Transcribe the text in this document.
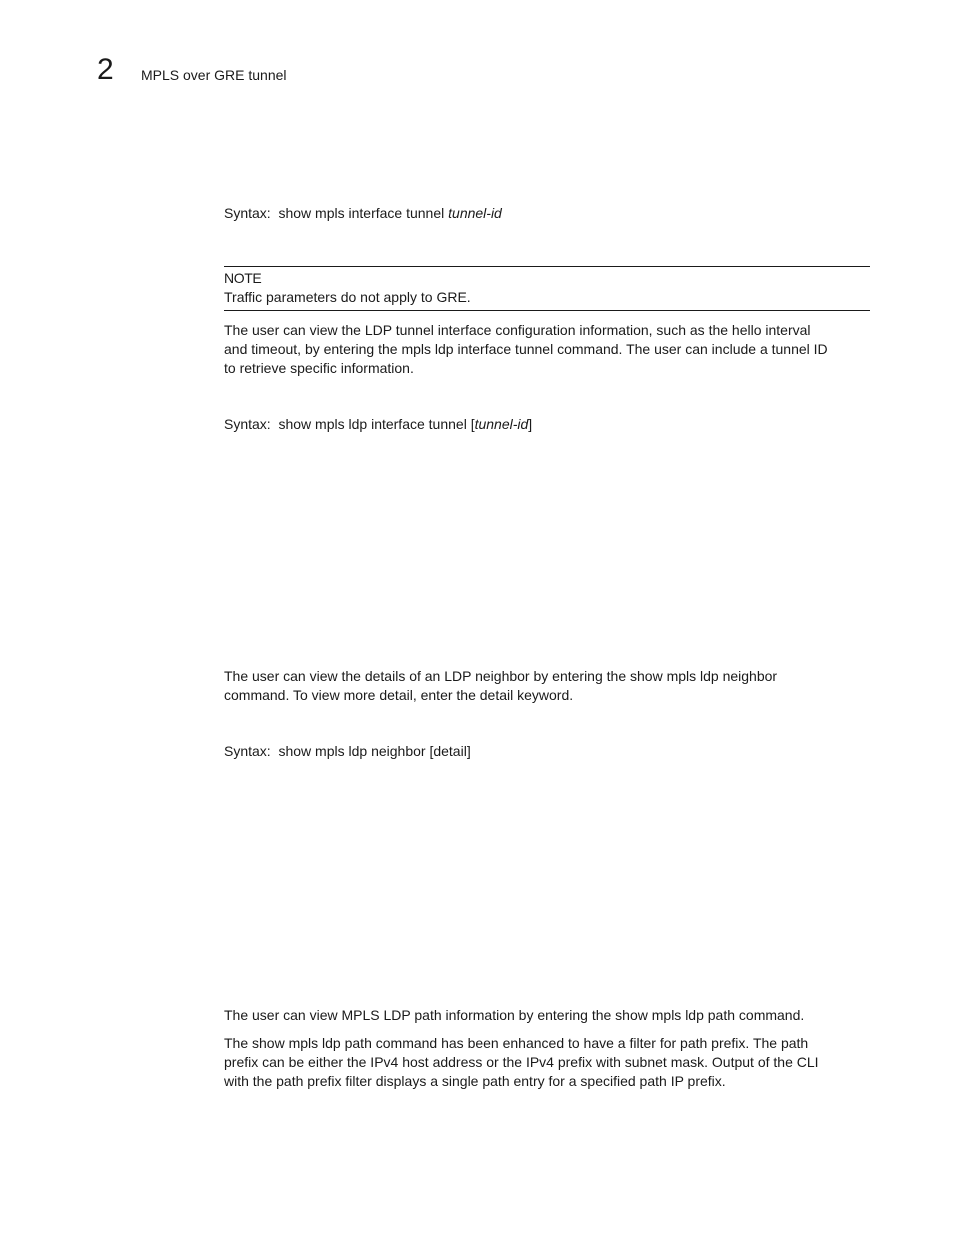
2 MPLS over GRE tunnel
Syntax: show mpls interface tunnel tunnel-id
NOTE
Traffic parameters do not apply to GRE.
The user can view the LDP tunnel interface configuration information, such as the hello interval
and timeout, by entering the mpls ldp interface tunnel command. The user can include a tunnel ID
to retrieve specific information.
Syntax: show mpls ldp interface tunnel [tunnel-id]
The user can view the details of an LDP neighbor by entering the show mpls ldp neighbor
command. To view more detail, enter the detail keyword.
Syntax: show mpls ldp neighbor [detail]
The user can view MPLS LDP path information by entering the show mpls ldp path command.
The show mpls ldp path command has been enhanced to have a filter for path prefix. The path
prefix can be either the IPv4 host address or the IPv4 prefix with subnet mask. Output of the CLI
with the path prefix filter displays a single path entry for a specified path IP prefix.
